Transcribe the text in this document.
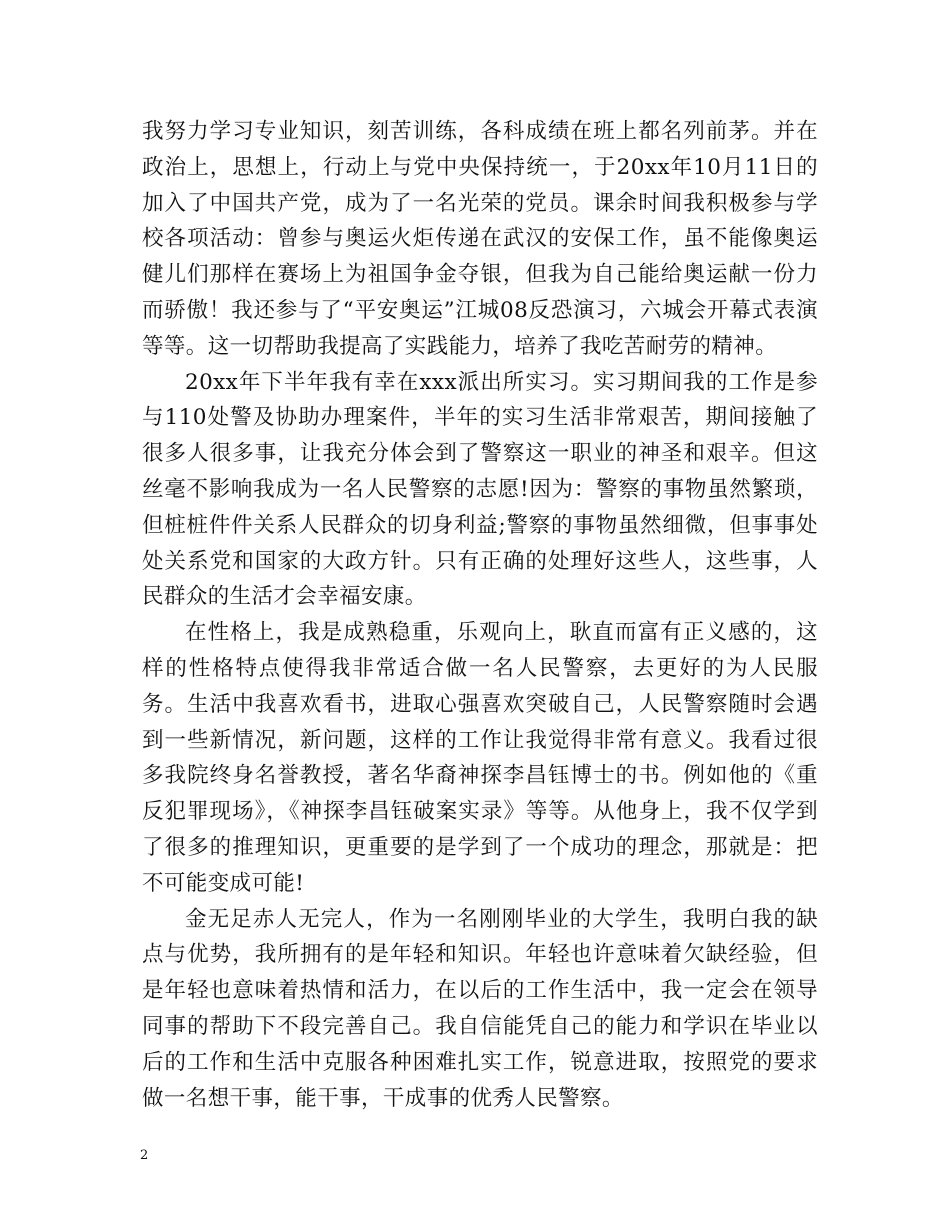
我努力学习专业知识，刻苦训练，各科成绩在班上都名列前茅。并在政治上，思想上，行动上与党中央保持统一，于20xx年10月11日的加入了中国共产党，成为了一名光荣的党员。课余时间我积极参与学校各项活动：曾参与奥运火炬传递在武汉的安保工作，虽不能像奥运健儿们那样在赛场上为祖国争金夺银，但我为自己能给奥运献一份力而骄傲！我还参与了“平安奥运”江城08反恐演习，六城会开幕式表演等等。这一切帮助我提高了实践能力，培养了我吃苦耐劳的精神。

20xx年下半年我有幸在xxx派出所实习。实习期间我的工作是参与110处警及协助办理案件，半年的实习生活非常艰苦，期间接触了很多人很多事，让我充分体会到了警察这一职业的神圣和艰辛。但这丝毫不影响我成为一名人民警察的志愿!因为：警察的事物虽然繁琐，但桩桩件件关系人民群众的切身利益;警察的事物虽然细微，但事事处处关系党和国家的大政方针。只有正确的处理好这些人，这些事，人民群众的生活才会幸福安康。

在性格上，我是成熟稳重，乐观向上，耿直而富有正义感的，这样的性格特点使得我非常适合做一名人民警察，去更好的为人民服务。生活中我喜欢看书，进取心强喜欢突破自己，人民警察随时会遇到一些新情况，新问题，这样的工作让我觉得非常有意义。我看过很多我院终身名誉教授，著名华裔神探李昌钰博士的书。例如他的《重反犯罪现场》，《神探李昌钰破案实录》等等。从他身上，我不仅学到了很多的推理知识，更重要的是学到了一个成功的理念，那就是：把不可能变成可能!

金无足赤人无完人，作为一名刚刚毕业的大学生，我明白我的缺点与优势，我所拥有的是年轻和知识。年轻也许意味着欠缺经验，但是年轻也意味着热情和活力，在以后的工作生活中，我一定会在领导同事的帮助下不段完善自己。我自信能凭自己的能力和学识在毕业以后的工作和生活中克服各种困难扎实工作，锐意进取，按照党的要求做一名想干事，能干事，干成事的优秀人民警察。

2
